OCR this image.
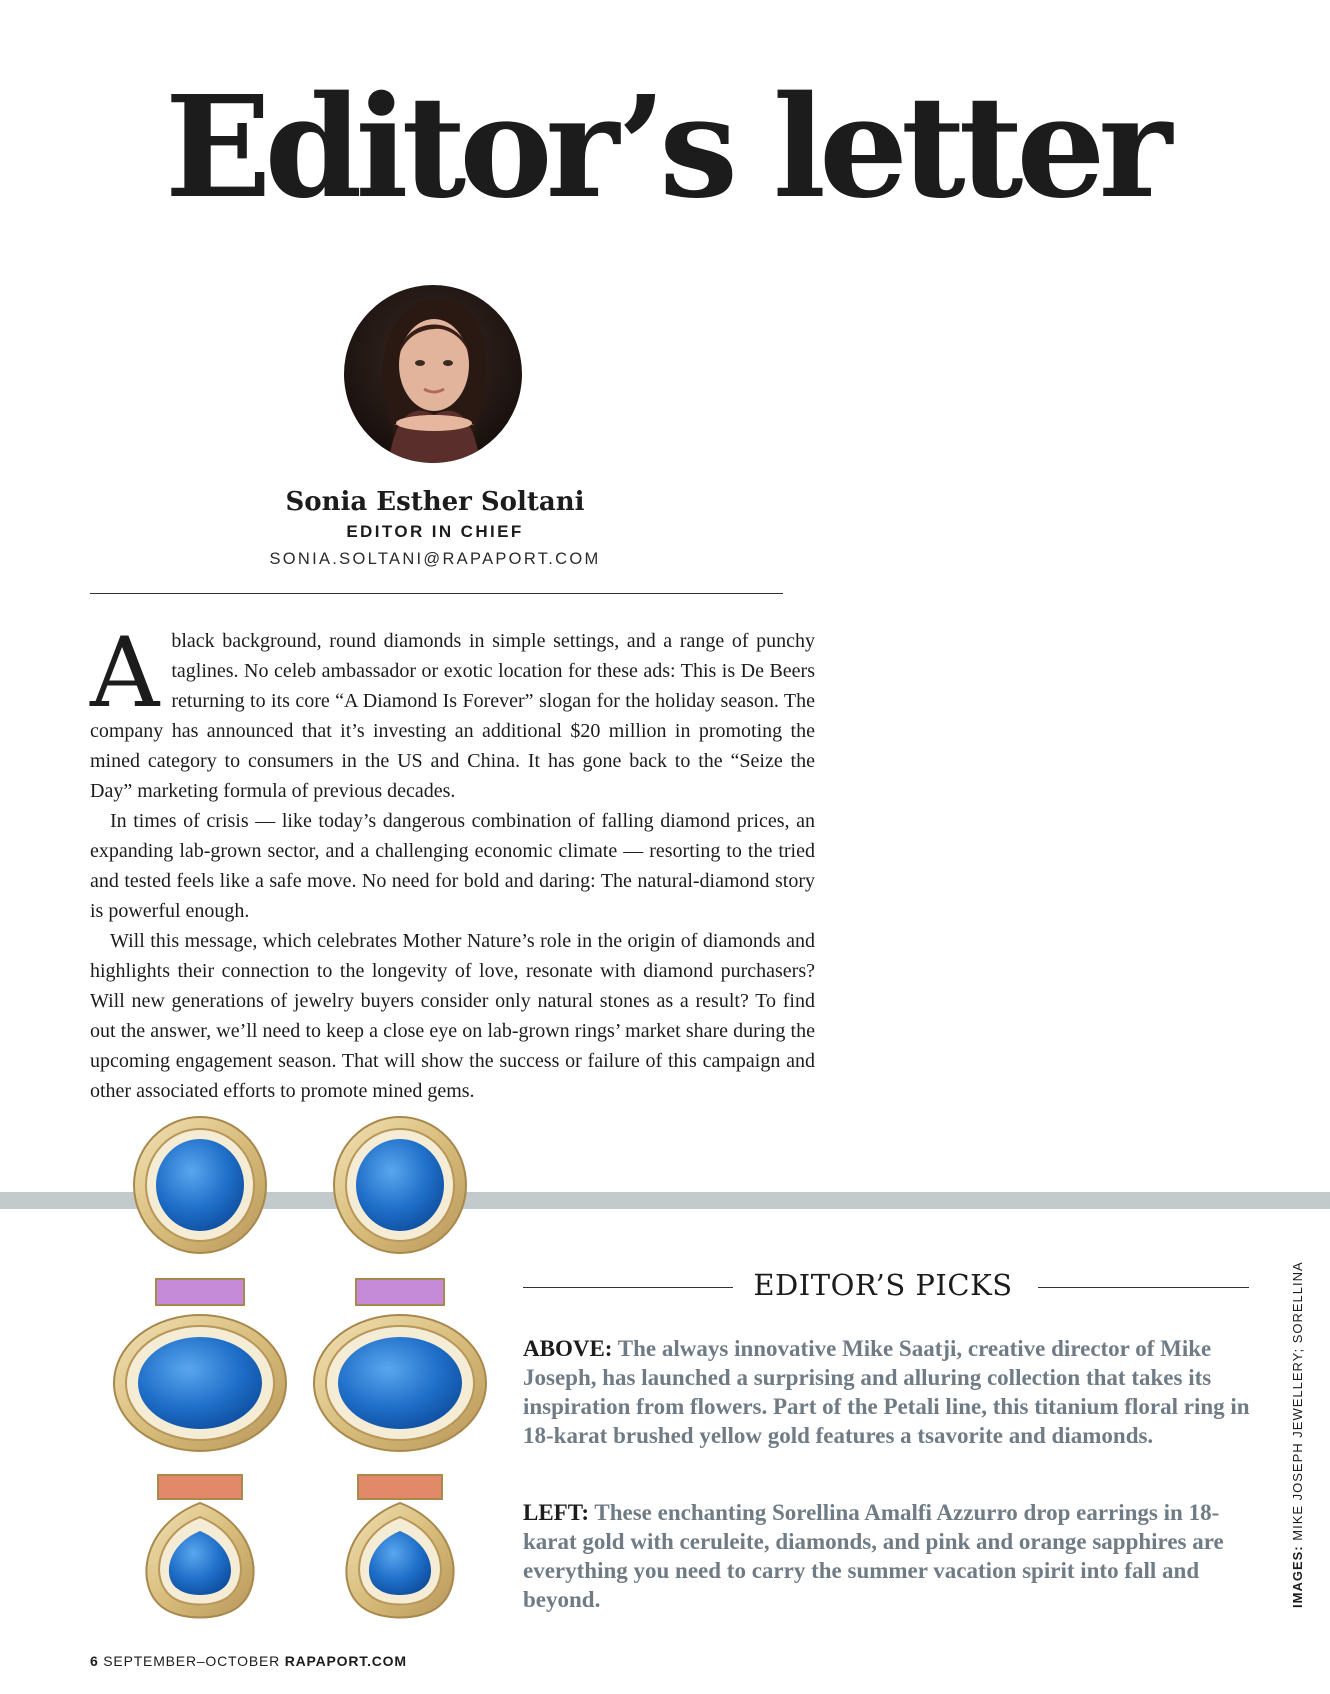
Editor’s letter
Sonia Esther Soltani
EDITOR IN CHIEF
SONIA.SOLTANI@RAPAPORT.COM

Ablack background, round diamonds in simple settings, and a range of punchy taglines. No celeb ambassador or exotic location for these ads: This is De Beers returning to its core “A Diamond Is Forever” slogan for the holiday season. The company has announced that it’s investing an additional $20 million in promoting the mined category to consumers in the US and China. It has gone back to the “Seize the Day” marketing formula of previous decades.

In times of crisis — like today’s dangerous combination of falling diamond prices, an expanding lab-grown sector, and a challenging economic climate — resorting to the tried and tested feels like a safe move. No need for bold and daring: The natural-diamond story is powerful enough.

Will this message, which celebrates Mother Nature’s role in the origin of diamonds and highlights their connection to the longevity of love, resonate with diamond purchasers? Will new generations of jewelry buyers consider only natural stones as a result? To find out the answer, we’ll need to keep a close eye on lab-grown rings’ market share during the upcoming engagement season. That will show the success or failure of this campaign and other associated efforts to promote mined gems.

EDITOR’S PICKS
ABOVE: The always innovative Mike Saatji, creative director of Mike Joseph, has launched a surprising and alluring collection that takes its inspiration from flowers. Part of the Petali line, this titanium floral ring in 18-karat brushed yellow gold features a tsavorite and diamonds.
LEFT: These enchanting Sorellina Amalfi Azzurro drop earrings in 18-karat gold with ceruleite, diamonds, and pink and orange sapphires are everything you need to carry the summer vacation spirit into fall and beyond.	IMAGES: MIKE JOSEPH JEWELLERY; SORELLINA
6 SEPTEMBER–OCTOBER RAPAPORT.COM
